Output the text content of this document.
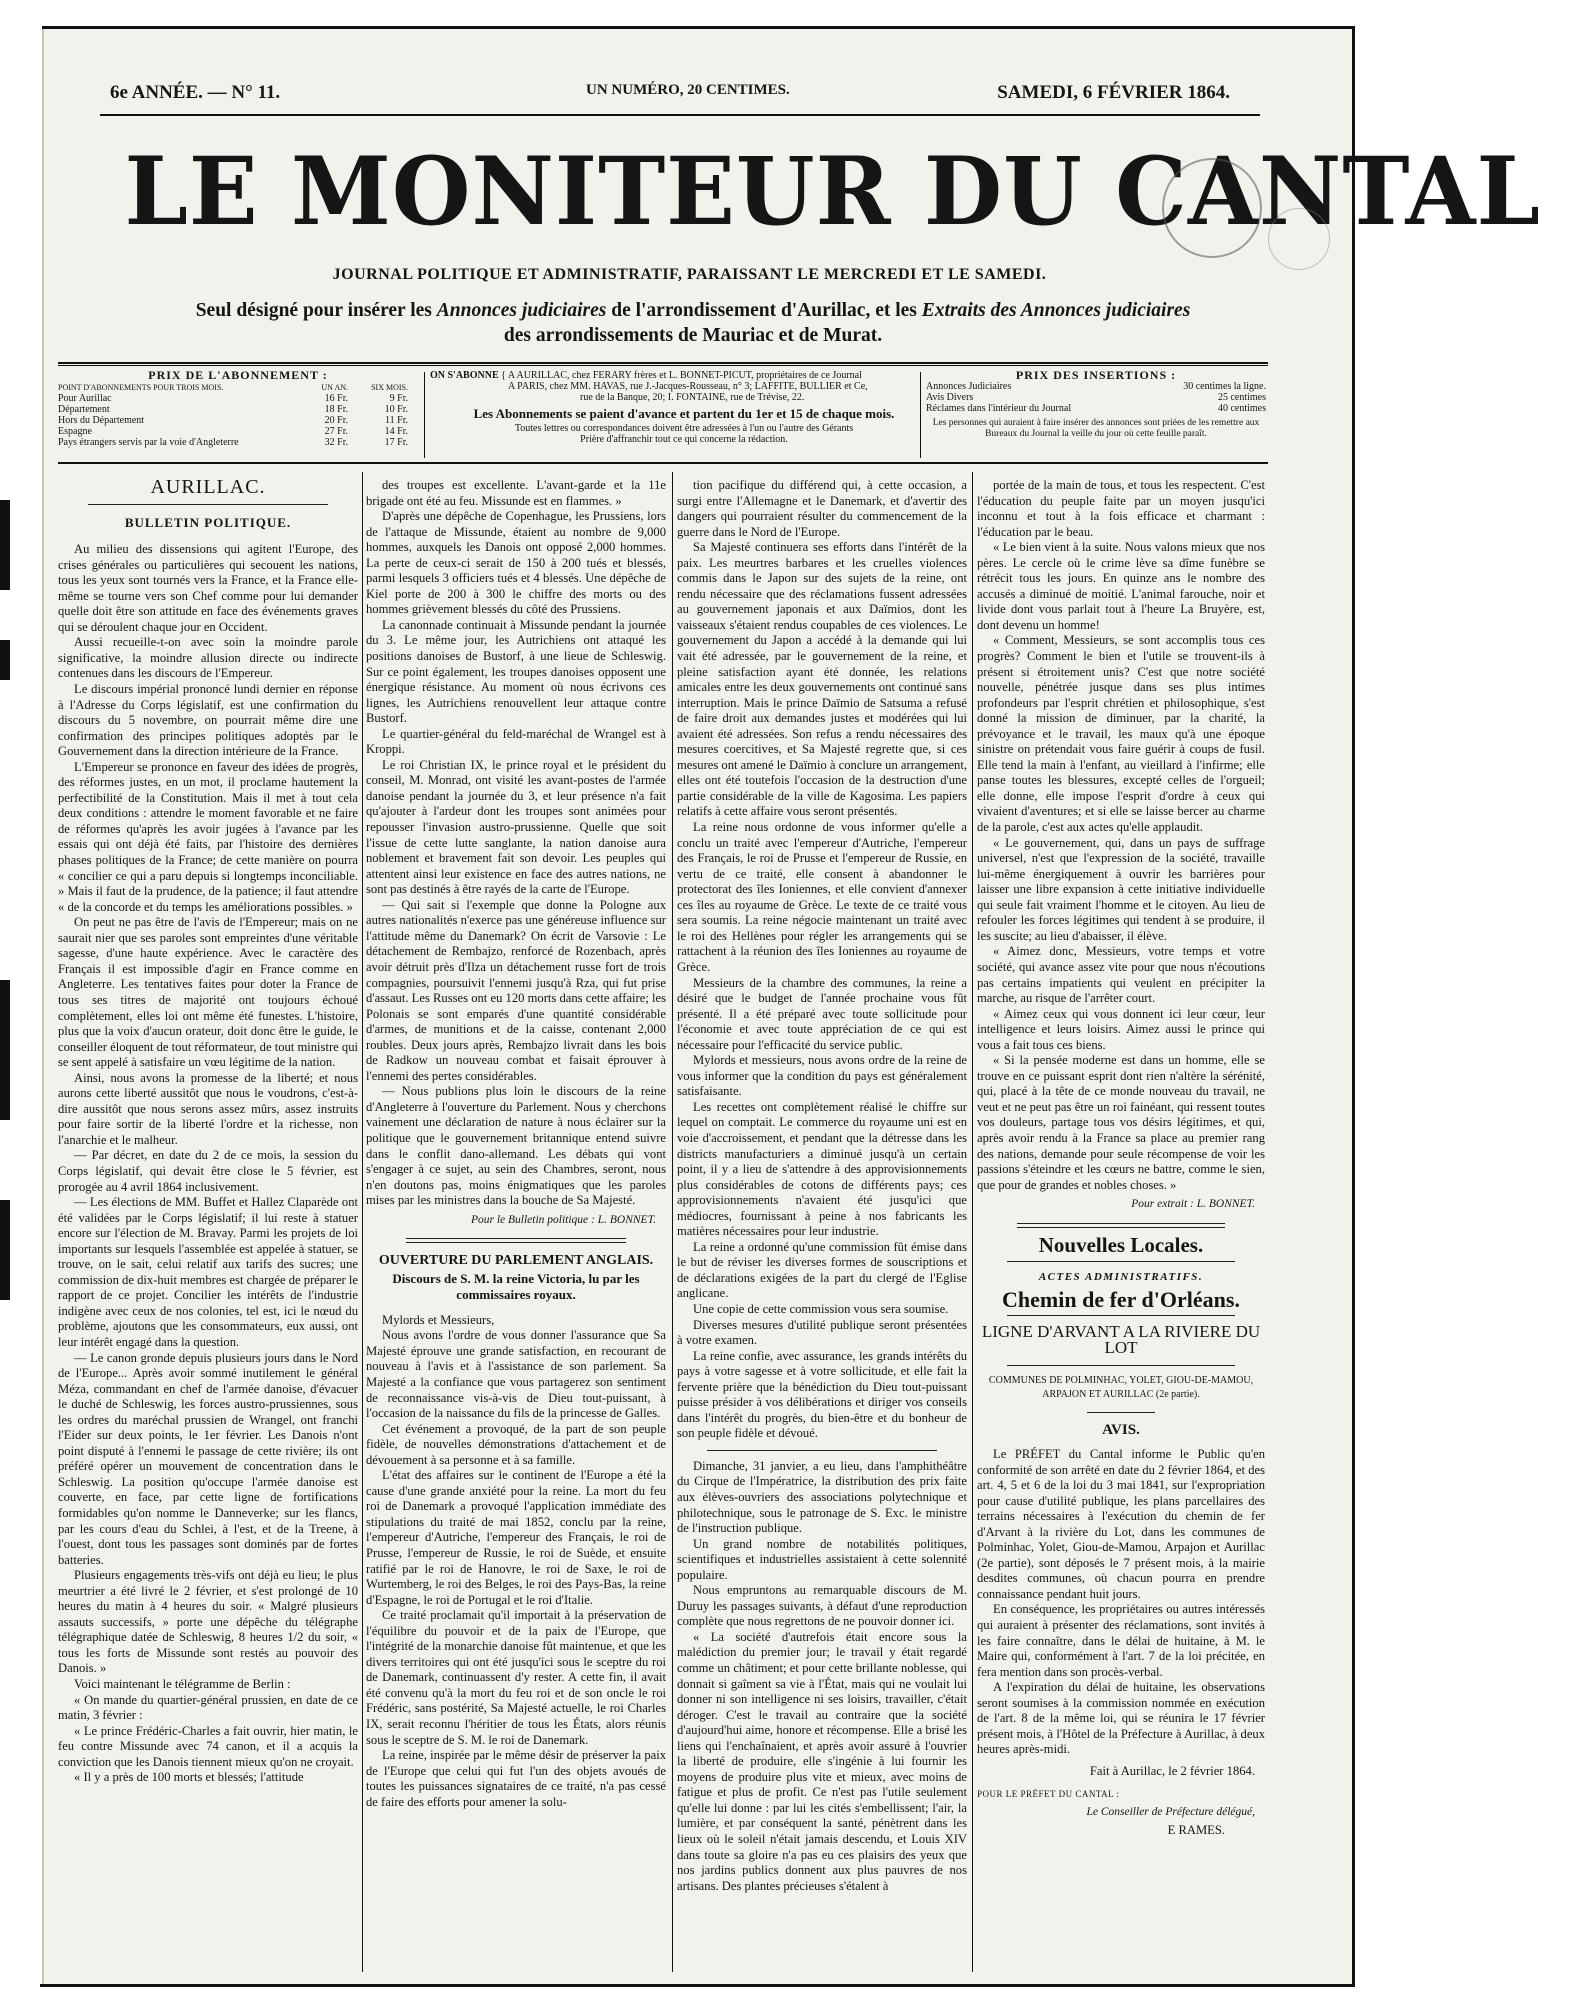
6e ANNÉE. — N° 11.	UN NUMÉRO, 20 CENTIMES.	SAMEDI, 6 FÉVRIER 1864.
LE MONITEUR DU CANTAL
JOURNAL POLITIQUE ET ADMINISTRATIF, PARAISSANT LE MERCREDI ET LE SAMEDI.
Seul désigné pour insérer les Annonces judiciaires de l'arrondissement d'Aurillac, et les Extraits des Annonces judiciaires
des arrondissements de Mauriac et de Murat.
PRIX DE L'ABONNEMENT :
POINT D'ABONNEMENTS POUR TROIS MOIS.	UN AN.	SIX MOIS.
Pour Aurillac	16 Fr.	9 Fr.
Département	18 Fr.	10 Fr.
Hors du Département	20 Fr.	11 Fr.
Espagne	27 Fr.	14 Fr.
Pays étrangers servis par la voie d'Angleterre	32 Fr.	17 Fr.
ON S'ABONNE { A AURILLAC, chez FERARY frères et L. BONNET-PICUT, propriétaires de ce Journal
A PARIS, chez MM. HAVAS, rue J.-Jacques-Rousseau, n° 3; LAFFITE, BULLIER et Ce,
rue de la Banque, 20; I. FONTAINE, rue de Trévise, 22.
Les Abonnements se paient d'avance et partent du 1er et 15 de chaque mois.
Toutes lettres ou correspondances doivent être adressées à l'un ou l'autre des Gérants
Prière d'affranchir tout ce qui concerne la rédaction.
PRIX DES INSERTIONS :
Annonces Judiciaires	30 centimes la ligne.
Avis Divers	25 centimes
Réclames dans l'intérieur du Journal	40 centimes
Les personnes qui auraient à faire insérer des annonces sont priées de les remettre aux Bureaux du Journal la veille du jour où cette feuille paraît.
AURILLAC.
BULLETIN POLITIQUE.

Au milieu des dissensions qui agitent l'Europe, des crises générales ou particulières qui secouent les nations, tous les yeux sont tournés vers la France, et la France elle-même se tourne vers son Chef comme pour lui demander quelle doit être son attitude en face des événements graves qui se déroulent chaque jour en Occident.

Aussi recueille-t-on avec soin la moindre parole significative, la moindre allusion directe ou indirecte contenues dans les discours de l'Empereur.

Le discours impérial prononcé lundi dernier en réponse à l'Adresse du Corps législatif, est une confirmation du discours du 5 novembre, on pourrait même dire une confirmation des principes politiques adoptés par le Gouvernement dans la direction intérieure de la France.

L'Empereur se prononce en faveur des idées de progrès, des réformes justes, en un mot, il proclame hautement la perfectibilité de la Constitution. Mais il met à tout cela deux conditions : attendre le moment favorable et ne faire de réformes qu'après les avoir jugées à l'avance par les essais qui ont déjà été faits, par l'histoire des dernières phases politiques de la France; de cette manière on pourra « concilier ce qui a paru depuis si longtemps inconciliable. » Mais il faut de la prudence, de la patience; il faut attendre « de la concorde et du temps les améliorations possibles. »

On peut ne pas être de l'avis de l'Empereur; mais on ne saurait nier que ses paroles sont empreintes d'une véritable sagesse, d'une haute expérience. Avec le caractère des Français il est impossible d'agir en France comme en Angleterre. Les tentatives faites pour doter la France de tous ses titres de majorité ont toujours échoué complètement, elles loi ont même été funestes. L'histoire, plus que la voix d'aucun orateur, doit donc être le guide, le conseiller éloquent de tout réformateur, de tout ministre qui se sent appelé à satisfaire un vœu légitime de la nation.

Ainsi, nous avons la promesse de la liberté; et nous aurons cette liberté aussitôt que nous le voudrons, c'est-à-dire aussitôt que nous serons assez mûrs, assez instruits pour faire sortir de la liberté l'ordre et la richesse, non l'anarchie et le malheur.

— Par décret, en date du 2 de ce mois, la session du Corps législatif, qui devait être close le 5 février, est prorogée au 4 avril 1864 inclusivement.

— Les élections de MM. Buffet et Hallez Claparède ont été validées par le Corps législatif; il lui reste à statuer encore sur l'élection de M. Bravay. Parmi les projets de loi importants sur lesquels l'assemblée est appelée à statuer, se trouve, on le sait, celui relatif aux tarifs des sucres; une commission de dix-huit membres est chargée de préparer le rapport de ce projet. Concilier les intérêts de l'industrie indigène avec ceux de nos colonies, tel est, ici le nœud du problème, ajoutons que les consommateurs, eux aussi, ont leur intérêt engagé dans la question.

— Le canon gronde depuis plusieurs jours dans le Nord de l'Europe... Après avoir sommé inutilement le général Méza, commandant en chef de l'armée danoise, d'évacuer le duché de Schleswig, les forces austro-prussiennes, sous les ordres du maréchal prussien de Wrangel, ont franchi l'Eider sur deux points, le 1er février. Les Danois n'ont point disputé à l'ennemi le passage de cette rivière; ils ont préféré opérer un mouvement de concentration dans le Schleswig. La position qu'occupe l'armée danoise est couverte, en face, par cette ligne de fortifications formidables qu'on nomme le Danneverke; sur les flancs, par les cours d'eau du Schlei, à l'est, et de la Treene, à l'ouest, dont tous les passages sont dominés par de fortes batteries.

Plusieurs engagements très-vifs ont déjà eu lieu; le plus meurtrier a été livré le 2 février, et s'est prolongé de 10 heures du matin à 4 heures du soir. « Malgré plusieurs assauts successifs, » porte une dépêche du télégraphe télégraphique datée de Schleswig, 8 heures 1/2 du soir, « tous les forts de Missunde sont restés au pouvoir des Danois. »

Voici maintenant le télégramme de Berlin :

« On mande du quartier-général prussien, en date de ce matin, 3 février :

« Le prince Frédéric-Charles a fait ouvrir, hier matin, le feu contre Missunde avec 74 canon, et il a acquis la conviction que les Danois tiennent mieux qu'on ne croyait.

« Il y a près de 100 morts et blessés; l'attitude

des troupes est excellente. L'avant-garde et la 11e brigade ont été au feu. Missunde est en flammes. »

D'après une dépêche de Copenhague, les Prussiens, lors de l'attaque de Missunde, étaient au nombre de 9,000 hommes, auxquels les Danois ont opposé 2,000 hommes. La perte de ceux-ci serait de 150 à 200 tués et blessés, parmi lesquels 3 officiers tués et 4 blessés. Une dépêche de Kiel porte de 200 à 300 le chiffre des morts ou des hommes grièvement blessés du côté des Prussiens.

La canonnade continuait à Missunde pendant la journée du 3. Le même jour, les Autrichiens ont attaqué les positions danoises de Bustorf, à une lieue de Schleswig. Sur ce point également, les troupes danoises opposent une énergique résistance. Au moment où nous écrivons ces lignes, les Autrichiens renouvellent leur attaque contre Bustorf.

Le quartier-général du feld-maréchal de Wrangel est à Kroppi.

Le roi Christian IX, le prince royal et le président du conseil, M. Monrad, ont visité les avant-postes de l'armée danoise pendant la journée du 3, et leur présence n'a fait qu'ajouter à l'ardeur dont les troupes sont animées pour repousser l'invasion austro-prussienne. Quelle que soit l'issue de cette lutte sanglante, la nation danoise aura noblement et bravement fait son devoir. Les peuples qui attentent ainsi leur existence en face des autres nations, ne sont pas destinés à être rayés de la carte de l'Europe.

— Qui sait si l'exemple que donne la Pologne aux autres nationalités n'exerce pas une généreuse influence sur l'attitude même du Danemark? On écrit de Varsovie : Le détachement de Rembajzo, renforcé de Rozenbach, après avoir détruit près d'Ilza un détachement russe fort de trois compagnies, poursuivit l'ennemi jusqu'à Rza, qui fut prise d'assaut. Les Russes ont eu 120 morts dans cette affaire; les Polonais se sont emparés d'une quantité considérable d'armes, de munitions et de la caisse, contenant 2,000 roubles. Deux jours après, Rembajzo livrait dans les bois de Radkow un nouveau combat et faisait éprouver à l'ennemi des pertes considérables.

— Nous publions plus loin le discours de la reine d'Angleterre à l'ouverture du Parlement. Nous y cherchons vainement une déclaration de nature à nous éclairer sur la politique que le gouvernement britannique entend suivre dans le conflit dano-allemand. Les débats qui vont s'engager à ce sujet, au sein des Chambres, seront, nous n'en doutons pas, moins énigmatiques que les paroles mises par les ministres dans la bouche de Sa Majesté.

Pour le Bulletin politique : L. BONNET.
OUVERTURE DU PARLEMENT ANGLAIS.
Discours de S. M. la reine Victoria, lu par les commissaires royaux.

Mylords et Messieurs,

Nous avons l'ordre de vous donner l'assurance que Sa Majesté éprouve une grande satisfaction, en recourant de nouveau à l'avis et à l'assistance de son parlement. Sa Majesté a la confiance que vous partagerez son sentiment de reconnaissance vis-à-vis de Dieu tout-puissant, à l'occasion de la naissance du fils de la princesse de Galles.

Cet événement a provoqué, de la part de son peuple fidèle, de nouvelles démonstrations d'attachement et de dévouement à sa personne et à sa famille.

L'état des affaires sur le continent de l'Europe a été la cause d'une grande anxiété pour la reine. La mort du feu roi de Danemark a provoqué l'application immédiate des stipulations du traité de mai 1852, conclu par la reine, l'empereur d'Autriche, l'empereur des Français, le roi de Prusse, l'empereur de Russie, le roi de Suède, et ensuite ratifié par le roi de Hanovre, le roi de Saxe, le roi de Wurtemberg, le roi des Belges, le roi des Pays-Bas, la reine d'Espagne, le roi de Portugal et le roi d'Italie.

Ce traité proclamait qu'il importait à la préservation de l'équilibre du pouvoir et de la paix de l'Europe, que l'intégrité de la monarchie danoise fût maintenue, et que les divers territoires qui ont été jusqu'ici sous le sceptre du roi de Danemark, continuassent d'y rester. A cette fin, il avait été convenu qu'à la mort du feu roi et de son oncle le roi Frédéric, sans postérité, Sa Majesté actuelle, le roi Charles IX, serait reconnu l'héritier de tous les États, alors réunis sous le sceptre de S. M. le roi de Danemark.

La reine, inspirée par le même désir de préserver la paix de l'Europe que celui qui fut l'un des objets avoués de toutes les puissances signataires de ce traité, n'a pas cessé de faire des efforts pour amener la solu-

tion pacifique du différend qui, à cette occasion, a surgi entre l'Allemagne et le Danemark, et d'avertir des dangers qui pourraient résulter du commencement de la guerre dans le Nord de l'Europe.

Sa Majesté continuera ses efforts dans l'intérêt de la paix. Les meurtres barbares et les cruelles violences commis dans le Japon sur des sujets de la reine, ont rendu nécessaire que des réclamations fussent adressées au gouvernement japonais et aux Daïmios, dont les vaisseaux s'étaient rendus coupables de ces violences. Le gouvernement du Japon a accédé à la demande qui lui vait été adressée, par le gouvernement de la reine, et pleine satisfaction ayant été donnée, les relations amicales entre les deux gouvernements ont continué sans interruption. Mais le prince Daïmio de Satsuma a refusé de faire droit aux demandes justes et modérées qui lui avaient été adressées. Son refus a rendu nécessaires des mesures coercitives, et Sa Majesté regrette que, si ces mesures ont amené le Daïmio à conclure un arrangement, elles ont été toutefois l'occasion de la destruction d'une partie considérable de la ville de Kagosima. Les papiers relatifs à cette affaire vous seront présentés.

La reine nous ordonne de vous informer qu'elle a conclu un traité avec l'empereur d'Autriche, l'empereur des Français, le roi de Prusse et l'empereur de Russie, en vertu de ce traité, elle consent à abandonner le protectorat des îles Ioniennes, et elle convient d'annexer ces îles au royaume de Grèce. Le texte de ce traité vous sera soumis. La reine négocie maintenant un traité avec le roi des Hellènes pour régler les arrangements qui se rattachent à la réunion des îles Ioniennes au royaume de Grèce.

Messieurs de la chambre des communes, la reine a désiré que le budget de l'année prochaine vous fût présenté. Il a été préparé avec toute sollicitude pour l'économie et avec toute appréciation de ce qui est nécessaire pour l'efficacité du service public.

Mylords et messieurs, nous avons ordre de la reine de vous informer que la condition du pays est généralement satisfaisante.

Les recettes ont complètement réalisé le chiffre sur lequel on comptait. Le commerce du royaume uni est en voie d'accroissement, et pendant que la détresse dans les districts manufacturiers a diminué jusqu'à un certain point, il y a lieu de s'attendre à des approvisionnements plus considérables de cotons de différents pays; ces approvisionnements n'avaient été jusqu'ici que médiocres, fournissant à peine à nos fabricants les matières nécessaires pour leur industrie.

La reine a ordonné qu'une commission fût émise dans le but de réviser les diverses formes de souscriptions et de déclarations exigées de la part du clergé de l'Eglise anglicane.

Une copie de cette commission vous sera soumise.

Diverses mesures d'utilité publique seront présentées à votre examen.

La reine confie, avec assurance, les grands intérêts du pays à votre sagesse et à votre sollicitude, et elle fait la fervente prière que la bénédiction du Dieu tout-puissant puisse présider à vos délibérations et diriger vos conseils dans l'intérêt du progrès, du bien-être et du bonheur de son peuple fidèle et dévoué.

Dimanche, 31 janvier, a eu lieu, dans l'amphithéâtre du Cirque de l'Impératrice, la distribution des prix faite aux élèves-ouvriers des associations polytechnique et philotechnique, sous le patronage de S. Exc. le ministre de l'instruction publique.

Un grand nombre de notabilités politiques, scientifiques et industrielles assistaient à cette solennité populaire.

Nous empruntons au remarquable discours de M. Duruy les passages suivants, à défaut d'une reproduction complète que nous regrettons de ne pouvoir donner ici.

« La société d'autrefois était encore sous la malédiction du premier jour; le travail y était regardé comme un châtiment; et pour cette brillante noblesse, qui donnait si gaîment sa vie à l'État, mais qui ne voulait lui donner ni son intelligence ni ses loisirs, travailler, c'était déroger. C'est le travail au contraire que la société d'aujourd'hui aime, honore et récompense. Elle a brisé les liens qui l'enchaînaient, et après avoir assuré à l'ouvrier la liberté de produire, elle s'ingénie à lui fournir les moyens de produire plus vite et mieux, avec moins de fatigue et plus de profit. Ce n'est pas l'utile seulement qu'elle lui donne : par lui les cités s'embellissent; l'air, la lumière, et par conséquent la santé, pénètrent dans les lieux où le soleil n'était jamais descendu, et Louis XIV dans toute sa gloire n'a pas eu ces plaisirs des yeux que nos jardins publics donnent aux plus pauvres de nos artisans. Des plantes précieuses s'étalent à

portée de la main de tous, et tous les respectent. C'est l'éducation du peuple faite par un moyen jusqu'ici inconnu et tout à la fois efficace et charmant : l'éducation par le beau.

« Le bien vient à la suite. Nous valons mieux que nos pères. Le cercle où le crime lève sa dîme funèbre se rétrécit tous les jours. En quinze ans le nombre des accusés a diminué de moitié. L'animal farouche, noir et livide dont vous parlait tout à l'heure La Bruyère, est, dont devenu un homme!

« Comment, Messieurs, se sont accomplis tous ces progrès? Comment le bien et l'utile se trouvent-ils à présent si étroitement unis? C'est que notre société nouvelle, pénétrée jusque dans ses plus intimes profondeurs par l'esprit chrétien et philosophique, s'est donné la mission de diminuer, par la charité, la prévoyance et le travail, les maux qu'à une époque sinistre on prétendait vous faire guérir à coups de fusil. Elle tend la main à l'enfant, au vieillard à l'infirme; elle panse toutes les blessures, excepté celles de l'orgueil; elle donne, elle impose l'esprit d'ordre à ceux qui vivaient d'aventures; et si elle se laisse bercer au charme de la parole, c'est aux actes qu'elle applaudit.

« Le gouvernement, qui, dans un pays de suffrage universel, n'est que l'expression de la société, travaille lui-même énergiquement à ouvrir les barrières pour laisser une libre expansion à cette initiative individuelle qui seule fait vraiment l'homme et le citoyen. Au lieu de refouler les forces légitimes qui tendent à se produire, il les suscite; au lieu d'abaisser, il élève.

« Aimez donc, Messieurs, votre temps et votre société, qui avance assez vite pour que nous n'écoutions pas certains impatients qui veulent en précipiter la marche, au risque de l'arrêter court.

« Aimez ceux qui vous donnent ici leur cœur, leur intelligence et leurs loisirs. Aimez aussi le prince qui vous a fait tous ces biens.

« Si la pensée moderne est dans un homme, elle se trouve en ce puissant esprit dont rien n'altère la sérénité, qui, placé à la tête de ce monde nouveau du travail, ne veut et ne peut pas être un roi fainéant, qui ressent toutes vos douleurs, partage tous vos désirs légitimes, et qui, après avoir rendu à la France sa place au premier rang des nations, demande pour seule récompense de voir les passions s'éteindre et les cœurs ne battre, comme le sien, que pour de grandes et nobles choses. »

Pour extrait : L. BONNET.
Nouvelles Locales.
ACTES ADMINISTRATIFS.
Chemin de fer d'Orléans.
LIGNE D'ARVANT A LA RIVIERE DU LOT
COMMUNES DE POLMINHAC, YOLET, GIOU-DE-MAMOU, ARPAJON ET AURILLAC (2e partie).
AVIS.

Le PRÉFET du Cantal informe le Public qu'en conformité de son arrêté en date du 2 février 1864, et des art. 4, 5 et 6 de la loi du 3 mai 1841, sur l'expropriation pour cause d'utilité publique, les plans parcellaires des terrains nécessaires à l'exécution du chemin de fer d'Arvant à la rivière du Lot, dans les communes de Polminhac, Yolet, Giou-de-Mamou, Arpajon et Aurillac (2e partie), sont déposés le 7 présent mois, à la mairie desdites communes, où chacun pourra en prendre connaissance pendant huit jours.

En conséquence, les propriétaires ou autres intéressés qui auraient à présenter des réclamations, sont invités à les faire connaître, dans le délai de huitaine, à M. le Maire qui, conformément à l'art. 7 de la loi précitée, en fera mention dans son procès-verbal.

A l'expiration du délai de huitaine, les observations seront soumises à la commission nommée en exécution de l'art. 8 de la même loi, qui se réunira le 17 février présent mois, à l'Hôtel de la Préfecture à Aurillac, à deux heures après-midi.

Fait à Aurillac, le 2 février 1864.
POUR LE PRÉFET DU CANTAL :
Le Conseiller de Préfecture délégué,
E RAMES.
